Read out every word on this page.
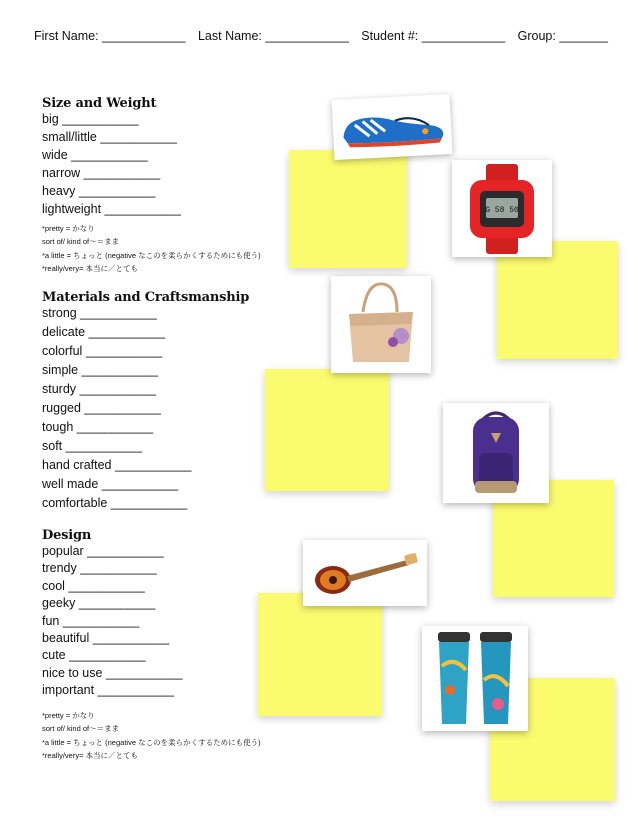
First Name: ____________ Last Name: ____________ Student #: ____________ Group: _______
Size and Weight
big ___________
small/little ___________
wide ___________
narrow ___________
heavy ___________
lightweight ___________
*pretty = かなり
sort of/ kind of～＝まま
*a little = ちょっと (negative なこのを柔らかくするためにも使う)
*really/very= 本当に／とても
Materials and Craftsmanship
strong ___________
delicate ___________
colorful ___________
simple ___________
sturdy ___________
rugged ___________
tough ___________
soft ___________
hand crafted ___________
well made ___________
comfortable ___________
Design
popular ___________
trendy ___________
cool ___________
geeky ___________
fun ___________
beautiful ___________
cute ___________
nice to use ___________
important ___________
*pretty = かなり
sort of/ kind of～＝まま
*a little = ちょっと (negative なこのを柔らかくするためにも使う)
*really/very= 本当に／とても
G 58 50
